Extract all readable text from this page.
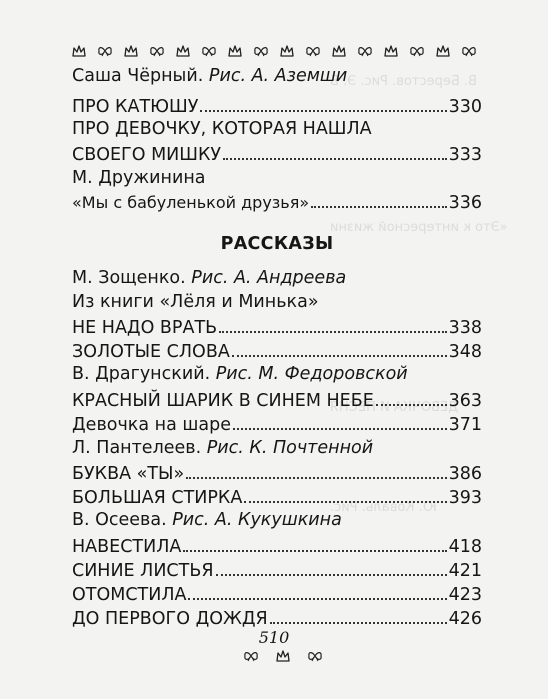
В. Берестов. Рис. Э. Б
«Это к интересной жизни
ДЕВОЧКА И ПЕСНЯ
Ю. Коваль. Рис.
Саша Чёрный.
Рис. А. Аземши
ПРО КАТЮШУ	330
ПРО ДЕВОЧКУ, КОТОРАЯ НАШЛА
СВОЕГО МИШКУ	333
М. Дружинина
«Мы с бабуленькой друзья»	336
М. Зощенко.
Рис. А. Андреева
Из книги «Лёля и Минька»
НЕ НАДО ВРАТЬ	338
ЗОЛОТЫЕ СЛОВА	348
В. Драгунский.
Рис. М. Федоровской
КРАСНЫЙ ШАРИК В СИНЕМ НЕБЕ	363
Девочка на шаре	371
Л. Пантелеев.
Рис. К. Почтенной
БУКВА «ТЫ»	386
БОЛЬШАЯ СТИРКА	393
В. Осеева.
Рис. А. Кукушкина
НАВЕСТИЛА	418
СИНИЕ ЛИСТЬЯ	421
ОТОМСТИЛА	423
ДО ПЕРВОГО ДОЖДЯ	426
РАССКАЗЫ
510
